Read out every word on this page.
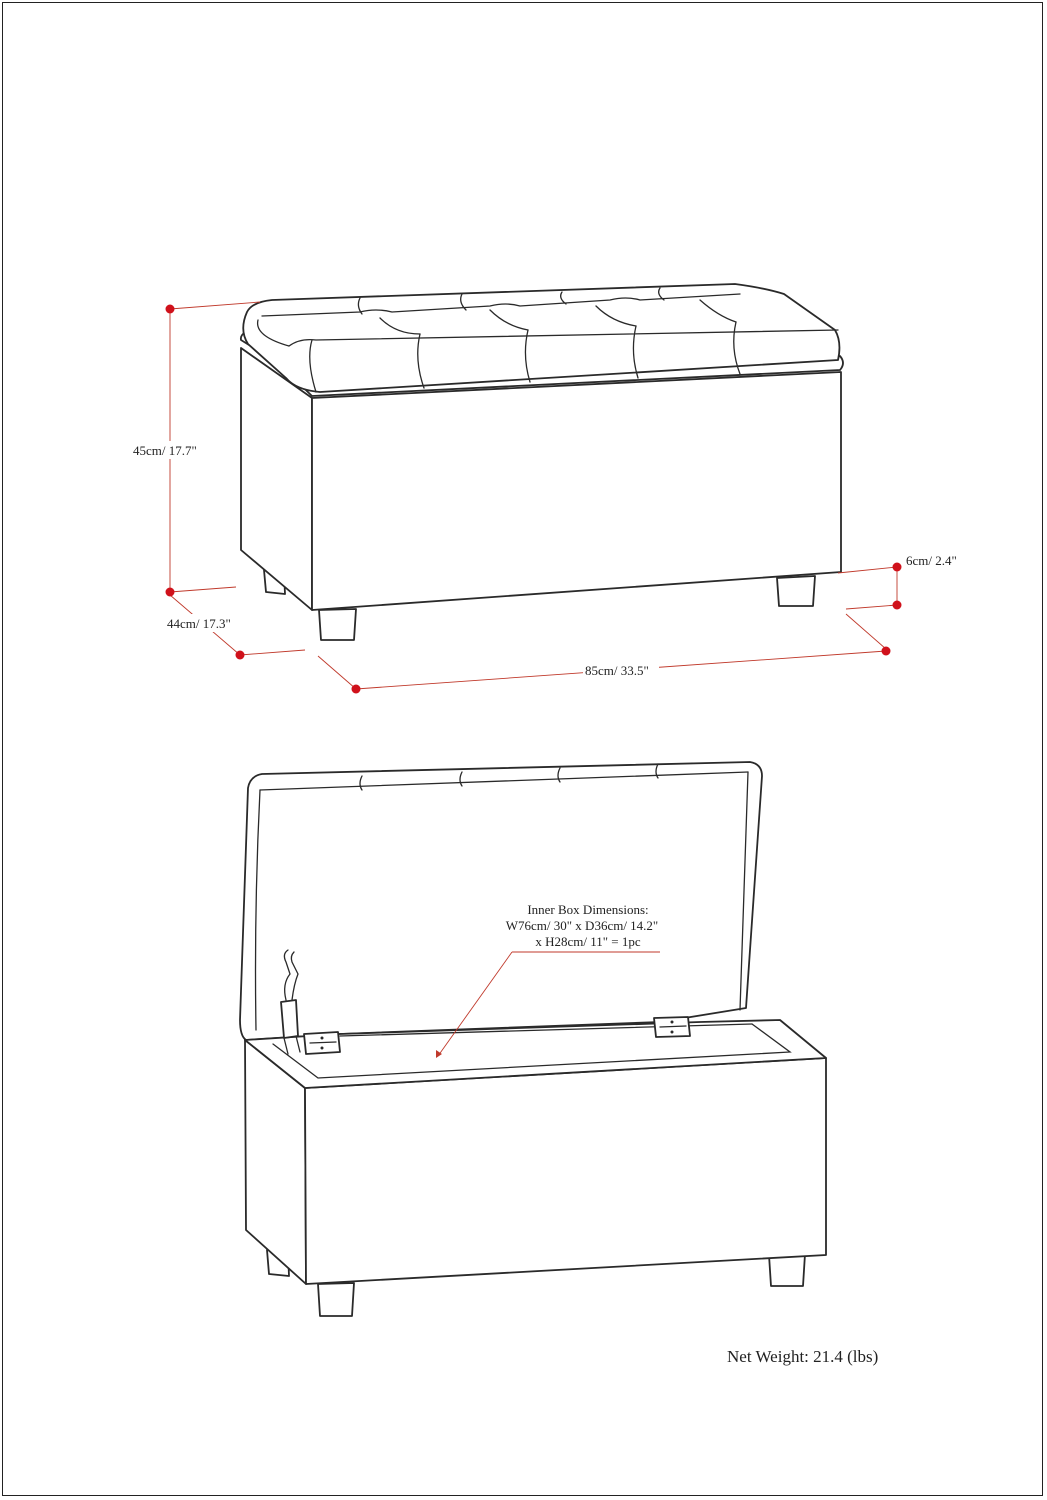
45cm/ 17.7"
44cm/ 17.3"
85cm/ 33.5"
6cm/ 2.4"
Inner Box Dimensions:
W76cm/ 30" x D36cm/ 14.2"
x H28cm/ 11" = 1pc
Net Weight: 21.4 (lbs)
